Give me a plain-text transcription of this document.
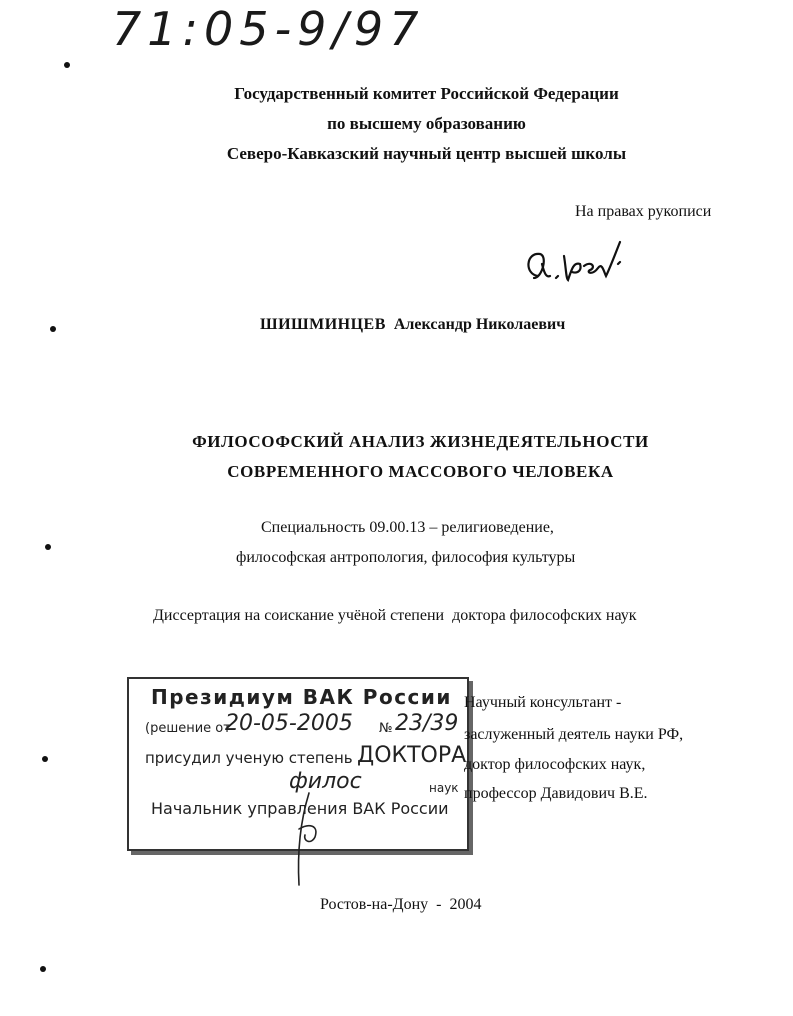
71:05-9/97
Государственный комитет Российской Федерации
по высшему образованию
Северо-Кавказский научный центр высшей школы
На правах рукописи
ШИШМИНЦЕВ Александр Николаевич
ФИЛОСОФСКИЙ АНАЛИЗ ЖИЗНЕДЕЯТЕЛЬНОСТИ
СОВРЕМЕННОГО МАССОВОГО ЧЕЛОВЕКА
Специальность 09.00.13 – религиоведение,
философская антропология, философия культуры
Диссертация на соискание учёной степени  доктора философских наук
Президиум ВАК России
(решение от
20-05-2005 № 23/39
присудил ученую степень ДОКТОРА
филос	наук
Начальник управления ВАК России
Научный консультант -
заслуженный деятель науки РФ,
доктор философских наук,
профессор Давидович В.Е.
Ростов-на-Дону  -  2004
